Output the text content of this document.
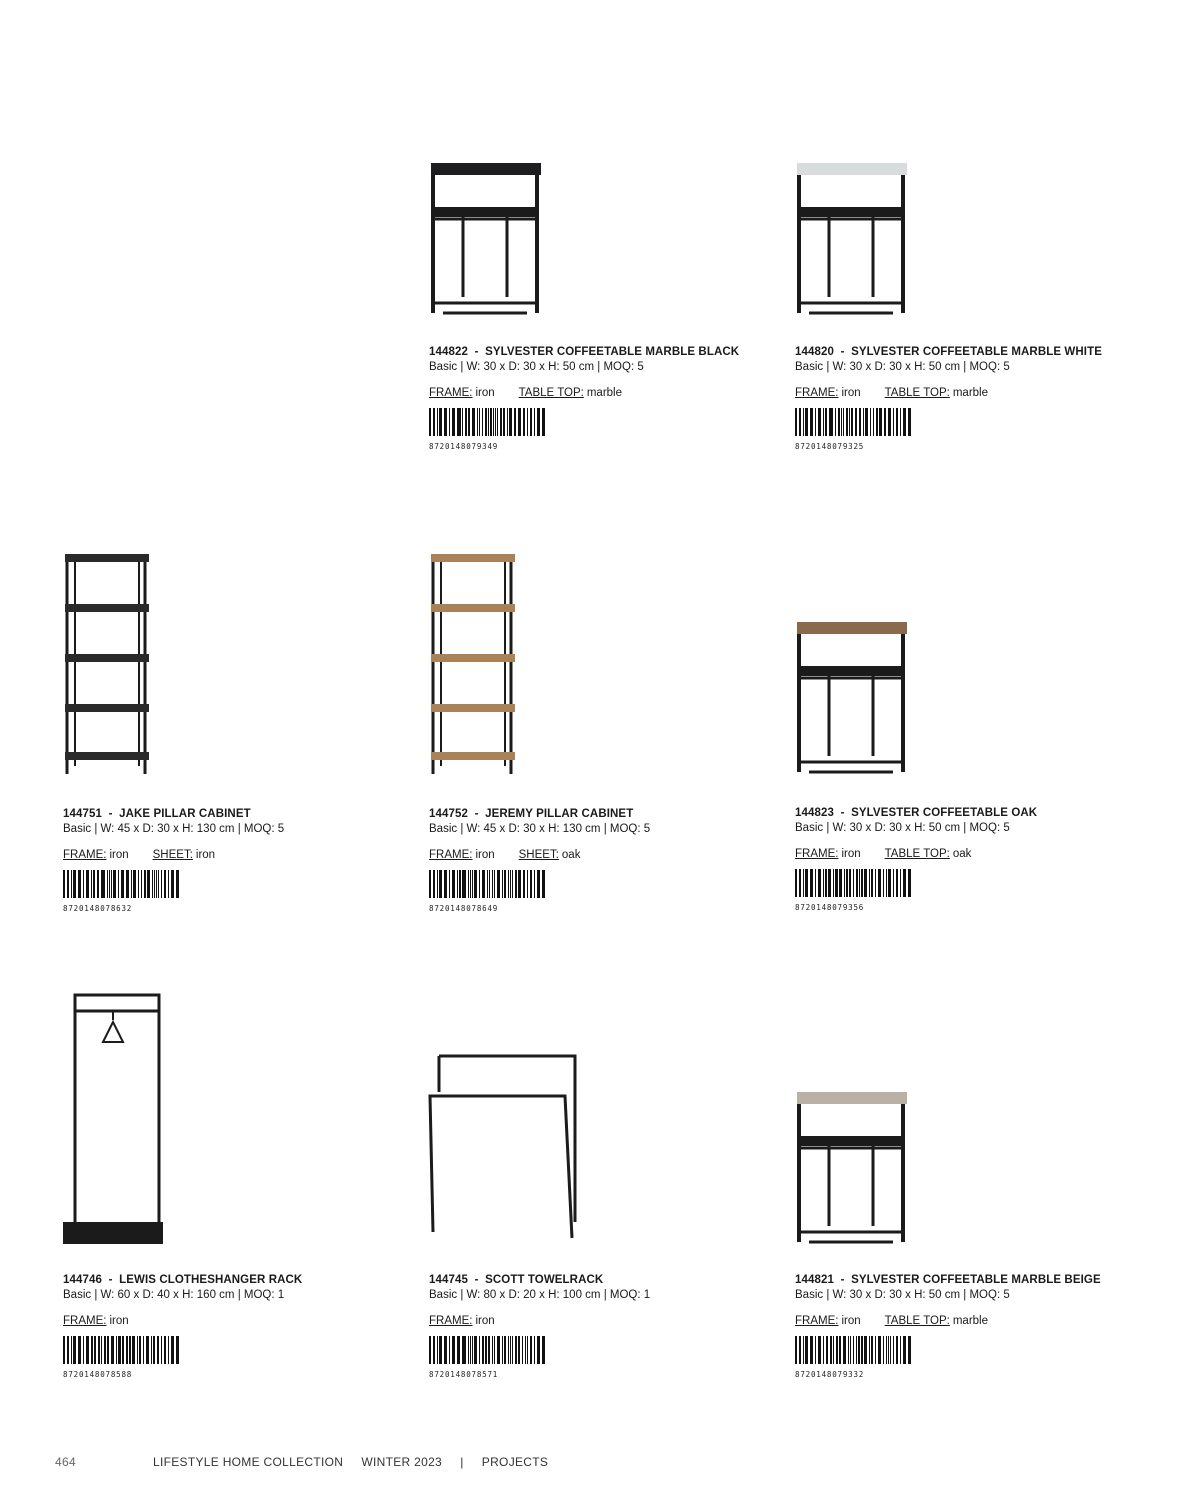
144822  -  SYLVESTER COFFEETABLE MARBLE BLACK
Basic | W: 30 x D: 30 x H: 50 cm | MOQ: 5
FRAME: iron TABLE TOP: marble
8720148079349
144820  -  SYLVESTER COFFEETABLE MARBLE WHITE
Basic | W: 30 x D: 30 x H: 50 cm | MOQ: 5
FRAME: iron TABLE TOP: marble
8720148079325
144751  -  JAKE PILLAR CABINET
Basic | W: 45 x D: 30 x H: 130 cm | MOQ: 5
FRAME: iron SHEET: iron
8720148078632
144752  -  JEREMY PILLAR CABINET
Basic | W: 45 x D: 30 x H: 130 cm | MOQ: 5
FRAME: iron SHEET: oak
8720148078649
144823  -  SYLVESTER COFFEETABLE OAK
Basic | W: 30 x D: 30 x H: 50 cm | MOQ: 5
FRAME: iron TABLE TOP: oak
8720148079356
144746  -  LEWIS CLOTHESHANGER RACK
Basic | W: 60 x D: 40 x H: 160 cm | MOQ: 1
FRAME: iron
8720148078588
144745  -  SCOTT TOWELRACK
Basic | W: 80 x D: 20 x H: 100 cm | MOQ: 1
FRAME: iron
8720148078571
144821  -  SYLVESTER COFFEETABLE MARBLE BEIGE
Basic | W: 30 x D: 30 x H: 50 cm | MOQ: 5
FRAME: iron TABLE TOP: marble
8720148079332
464	LIFESTYLE HOME COLLECTION     WINTER 2023     |     PROJECTS
